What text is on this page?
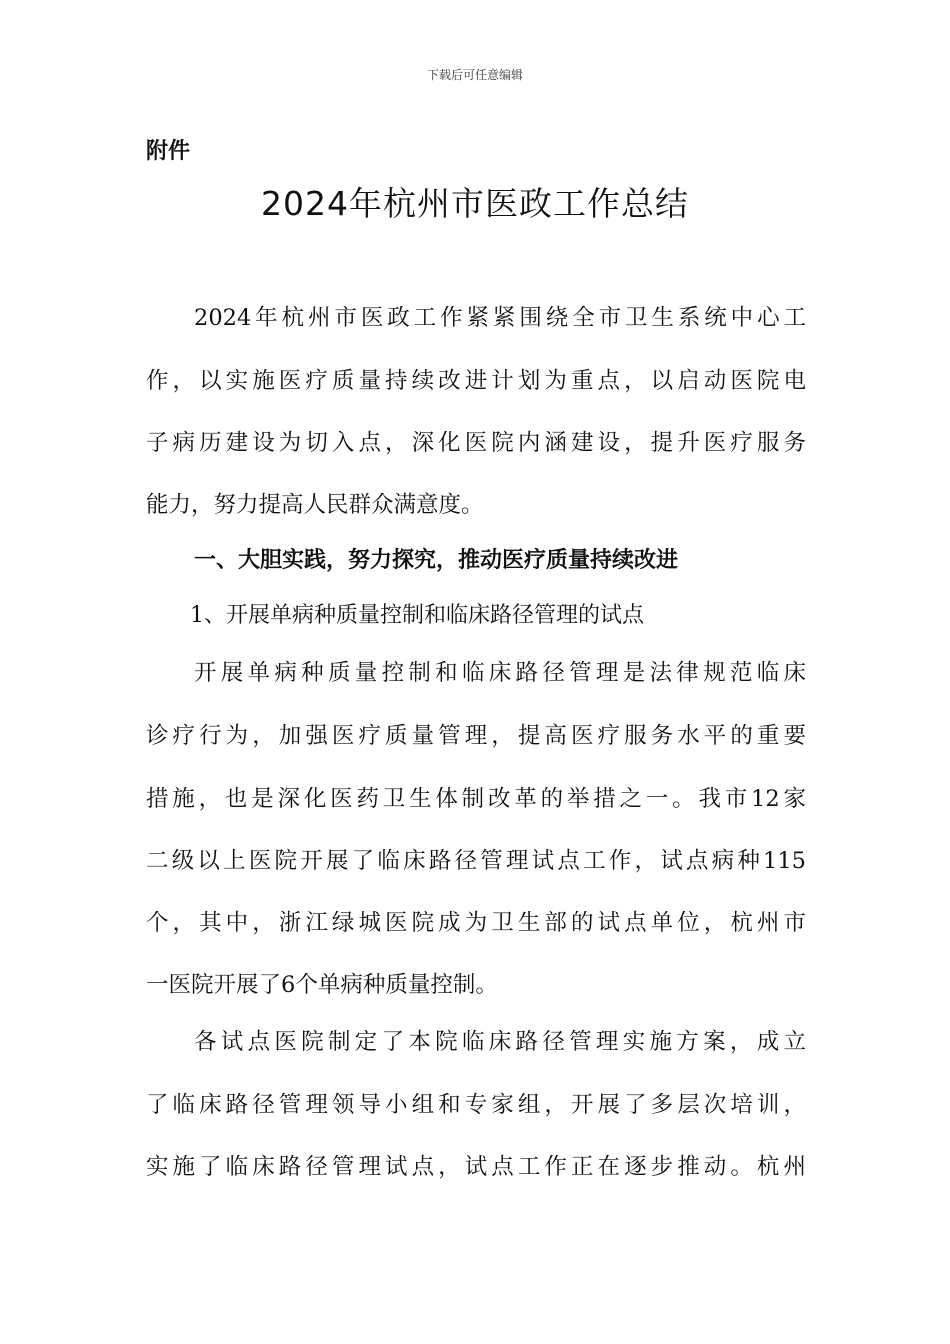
下载后可任意编辑
附件
2024年杭州市医政工作总结
2024年杭州市医政工作紧紧围绕全市卫生系统中心工
作，以实施医疗质量持续改进计划为重点，以启动医院电
子病历建设为切入点，深化医院内涵建设，提升医疗服务
能力，努力提高人民群众满意度。
一、大胆实践，努力探究，推动医疗质量持续改进
1、开展单病种质量控制和临床路径管理的试点
开展单病种质量控制和临床路径管理是法律规范临床
诊疗行为，加强医疗质量管理，提高医疗服务水平的重要
措施，也是深化医药卫生体制改革的举措之一。我市12家
二级以上医院开展了临床路径管理试点工作，试点病种115
个，其中，浙江绿城医院成为卫生部的试点单位，杭州市
一医院开展了6个单病种质量控制。
各试点医院制定了本院临床路径管理实施方案，成立
了临床路径管理领导小组和专家组，开展了多层次培训，
实施了临床路径管理试点，试点工作正在逐步推动。杭州
